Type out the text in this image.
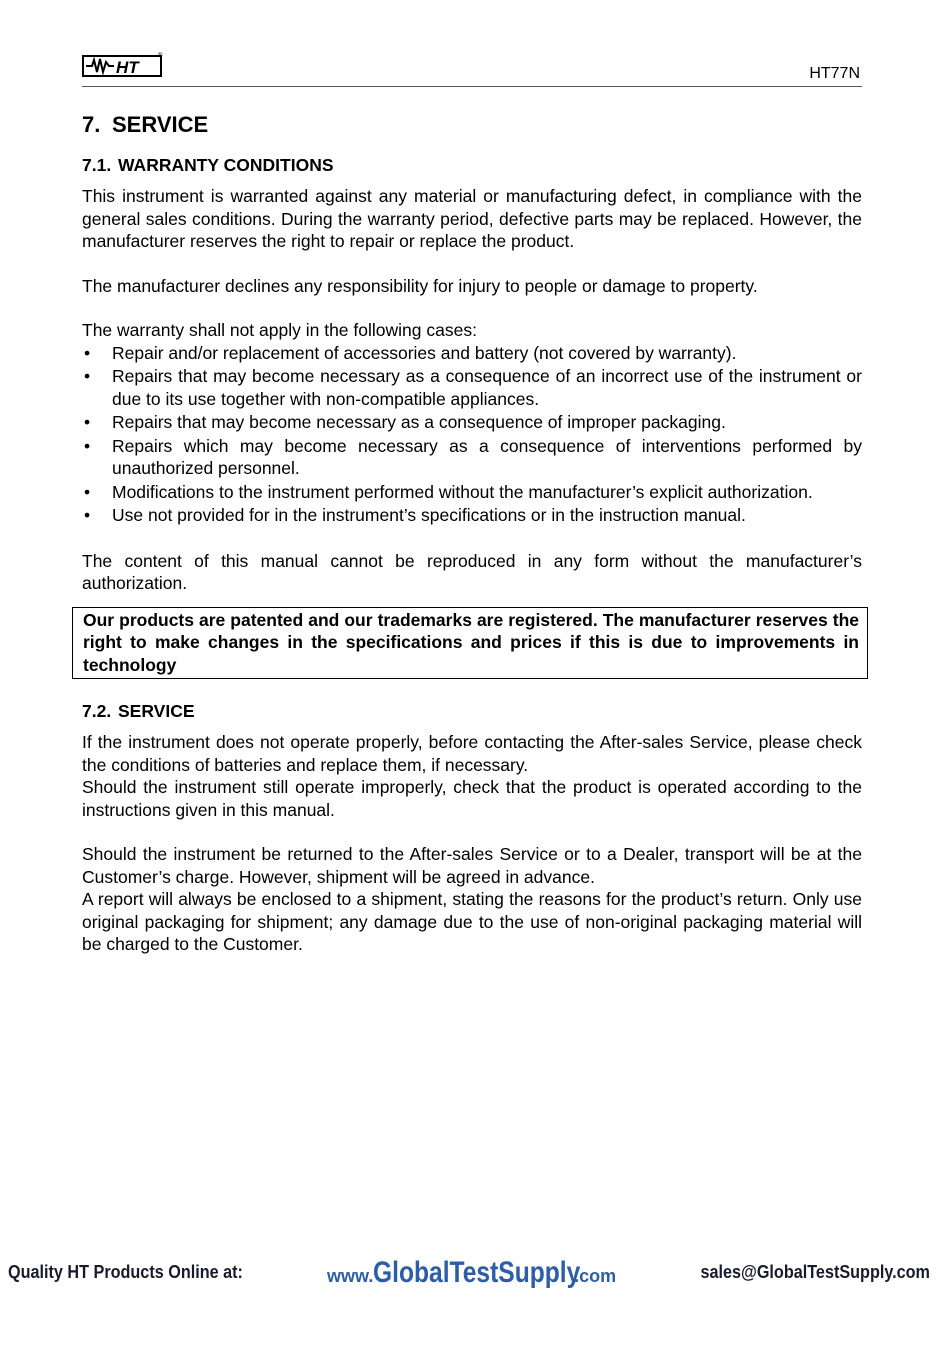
HT
®
HT77N
7. SERVICE
7.1. WARRANTY CONDITIONS

This instrument is warranted against any material or manufacturing defect, in compliance with the general sales conditions. During the warranty period, defective parts may be replaced. However, the manufacturer reserves the right to repair or replace the product.

The manufacturer declines any responsibility for injury to people or damage to property.

The warranty shall not apply in the following cases:

• Repair and/or replacement of accessories and battery (not covered by warranty).
• Repairs that may become necessary as a consequence of an incorrect use of the instrument or due to its use together with non-compatible appliances.
• Repairs that may become necessary as a consequence of improper packaging.
• Repairs which may become necessary as a consequence of interventions performed by unauthorized personnel.
• Modifications to the instrument performed without the manufacturer’s explicit authorization.
• Use not provided for in the instrument’s specifications or in the instruction manual.

The content of this manual cannot be reproduced in any form without the manufacturer’s authorization.

Our products are patented and our trademarks are registered. The manufacturer reserves the right to make changes in the specifications and prices if this is due to improvements in technology
7.2. SERVICE

If the instrument does not operate properly, before contacting the After-sales Service, please check the conditions of batteries and replace them, if necessary.

Should the instrument still operate improperly, check that the product is operated according to the instructions given in this manual.

Should the instrument be returned to the After-sales Service or to a Dealer, transport will be at the Customer’s charge. However, shipment will be agreed in advance.

A report will always be enclosed to a shipment, stating the reasons for the product’s return. Only use original packaging for shipment; any damage due to the use of non-original packaging material will be charged to the Customer.

Quality HT Products Online at:	www.GlobalTestSupply.com	sales@GlobalTestSupply.com
